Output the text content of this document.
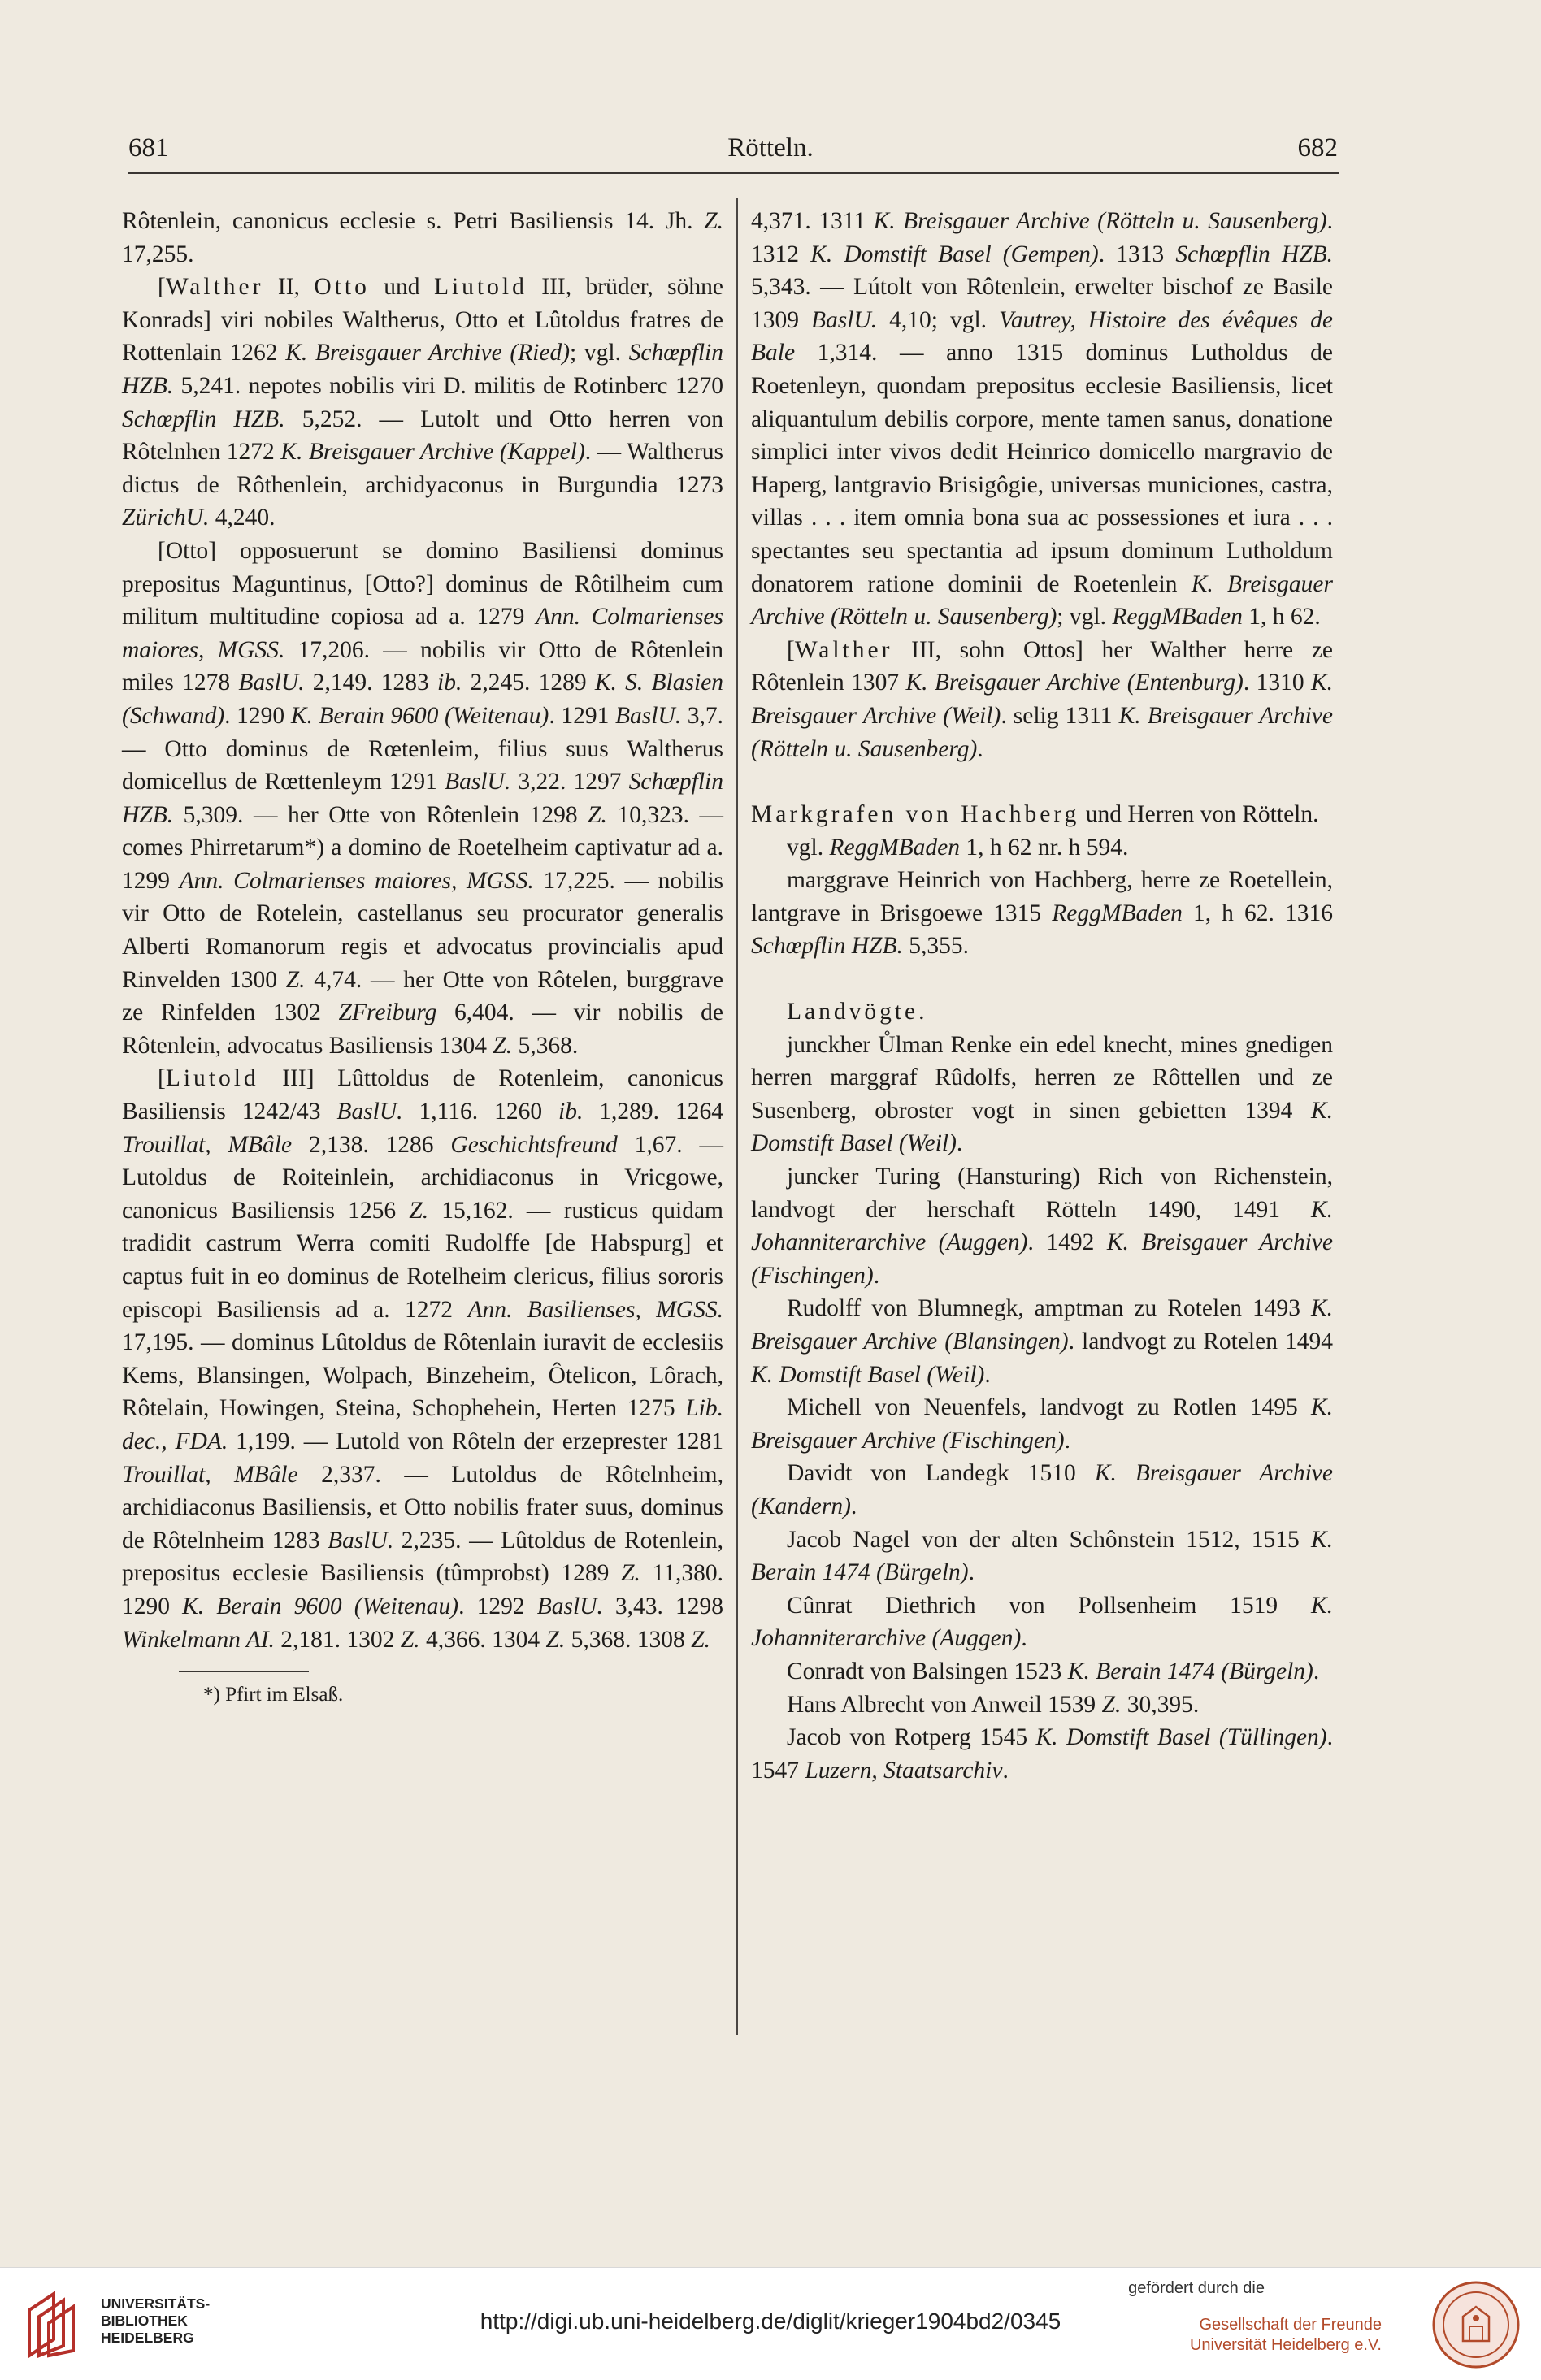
681	Rötteln.	682

Rôtenlein, canonicus ecclesie s. Petri Basiliensis 14. Jh. Z. 17,255.

[Walther II, Otto und Liutold III, brüder, söhne Konrads] viri nobiles Waltherus, Otto et Lûtoldus fratres de Rottenlain 1262 K. Breisgauer Archive (Ried); vgl. Schœpflin HZB. 5,241. nepotes nobilis viri D. militis de Rotinberc 1270 Schœpflin HZB. 5,252. — Lutolt und Otto herren von Rôtelnhen 1272 K. Breisgauer Archive (Kappel). — Waltherus dictus de Rôthenlein, archidyaconus in Burgundia 1273 ZürichU. 4,240.

[Otto] opposuerunt se domino Basiliensi dominus prepositus Maguntinus, [Otto?] dominus de Rôtilheim cum militum multitudine copiosa ad a. 1279 Ann. Colmarienses maiores, MGSS. 17,206. — nobilis vir Otto de Rôtenlein miles 1278 BaslU. 2,149. 1283 ib. 2,245. 1289 K. S. Blasien (Schwand). 1290 K. Berain 9600 (Weitenau). 1291 BaslU. 3,7. — Otto dominus de Rœtenleim, filius suus Waltherus domicellus de Rœttenleym 1291 BaslU. 3,22. 1297 Schœpflin HZB. 5,309. — her Otte von Rôtenlein 1298 Z. 10,323. — comes Phirretarum*) a domino de Roetelheim captivatur ad a. 1299 Ann. Colmarienses maiores, MGSS. 17,225. — nobilis vir Otto de Rotelein, castellanus seu procurator generalis Alberti Romanorum regis et advocatus provincialis apud Rinvelden 1300 Z. 4,74. — her Otte von Rôtelen, burggrave ze Rinfelden 1302 ZFreiburg 6,404. — vir nobilis de Rôtenlein, advocatus Basiliensis 1304 Z. 5,368.

[Liutold III] Lûttoldus de Rotenleim, canonicus Basiliensis 1242/43 BaslU. 1,116. 1260 ib. 1,289. 1264 Trouillat, MBâle 2,138. 1286 Geschichtsfreund 1,67. — Lutoldus de Roiteinlein, archidiaconus in Vricgowe, canonicus Basiliensis 1256 Z. 15,162. — rusticus quidam tradidit castrum Werra comiti Rudolffe [de Habspurg] et captus fuit in eo dominus de Rotelheim clericus, filius sororis episcopi Basiliensis ad a. 1272 Ann. Basilienses, MGSS. 17,195. — dominus Lûtoldus de Rôtenlain iuravit de ecclesiis Kems, Blansingen, Wolpach, Binzeheim, Ôtelicon, Lôrach, Rôtelain, Howingen, Steina, Schophehein, Herten 1275 Lib. dec., FDA. 1,199. — Lutold von Rôteln der erzeprester 1281 Trouillat, MBâle 2,337. — Lutoldus de Rôtelnheim, archidiaconus Basiliensis, et Otto nobilis frater suus, dominus de Rôtelnheim 1283 BaslU. 2,235. — Lûtoldus de Rotenlein, prepositus ecclesie Basiliensis (tûmprobst) 1289 Z. 11,380. 1290 K. Berain 9600 (Weitenau). 1292 BaslU. 3,43. 1298 Winkelmann AI. 2,181. 1302 Z. 4,366. 1304 Z. 5,368. 1308 Z.

*) Pfirt im Elsaß.

4,371. 1311 K. Breisgauer Archive (Rötteln u. Sausenberg). 1312 K. Domstift Basel (Gempen). 1313 Schœpflin HZB. 5,343. — Lútolt von Rôtenlein, erwelter bischof ze Basile 1309 BaslU. 4,10; vgl. Vautrey, Histoire des évêques de Bale 1,314. — anno 1315 dominus Lutholdus de Roetenleyn, quondam prepositus ecclesie Basiliensis, licet aliquantulum debilis corpore, mente tamen sanus, donatione simplici inter vivos dedit Heinrico domicello margravio de Haperg, lantgravio Brisigôgie, universas municiones, castra, villas . . . item omnia bona sua ac possessiones et iura . . . spectantes seu spectantia ad ipsum dominum Lutholdum donatorem ratione dominii de Roetenlein K. Breisgauer Archive (Rötteln u. Sausenberg); vgl. ReggMBaden 1, h 62.

[Walther III, sohn Ottos] her Walther herre ze Rôtenlein 1307 K. Breisgauer Archive (Entenburg). 1310 K. Breisgauer Archive (Weil). selig 1311 K. Breisgauer Archive (Rötteln u. Sausenberg).

Markgrafen von Hachberg und Herren von Rötteln.

vgl. ReggMBaden 1, h 62 nr. h 594.

marggrave Heinrich von Hachberg, herre ze Roetellein, lantgrave in Brisgoewe 1315 ReggMBaden 1, h 62. 1316 Schœpflin HZB. 5,355.

Landvögte.

junckher Ůlman Renke ein edel knecht, mines gnedigen herren marggraf Rûdolfs, herren ze Rôttellen und ze Susenberg, obroster vogt in sinen gebietten 1394 K. Domstift Basel (Weil).

juncker Turing (Hansturing) Rich von Richenstein, landvogt der herschaft Rötteln 1490, 1491 K. Johanniterarchive (Auggen). 1492 K. Breisgauer Archive (Fischingen).

Rudolff von Blumnegk, amptman zu Rotelen 1493 K. Breisgauer Archive (Blansingen). landvogt zu Rotelen 1494 K. Domstift Basel (Weil).

Michell von Neuenfels, landvogt zu Rotlen 1495 K. Breisgauer Archive (Fischingen).

Davidt von Landegk 1510 K. Breisgauer Archive (Kandern).

Jacob Nagel von der alten Schônstein 1512, 1515 K. Berain 1474 (Bürgeln).

Cûnrat Diethrich von Pollsenheim 1519 K. Johanniterarchive (Auggen).

Conradt von Balsingen 1523 K. Berain 1474 (Bürgeln).

Hans Albrecht von Anweil 1539 Z. 30,395.

Jacob von Rotperg 1545 K. Domstift Basel (Tüllingen). 1547 Luzern, Staatsarchiv.

UNIVERSITÄTS-
BIBLIOTHEK
HEIDELBERG
http://digi.ub.uni-heidelberg.de/diglit/krieger1904bd2/0345
gefördert durch die
Gesellschaft der Freunde
Universität Heidelberg e.V.
